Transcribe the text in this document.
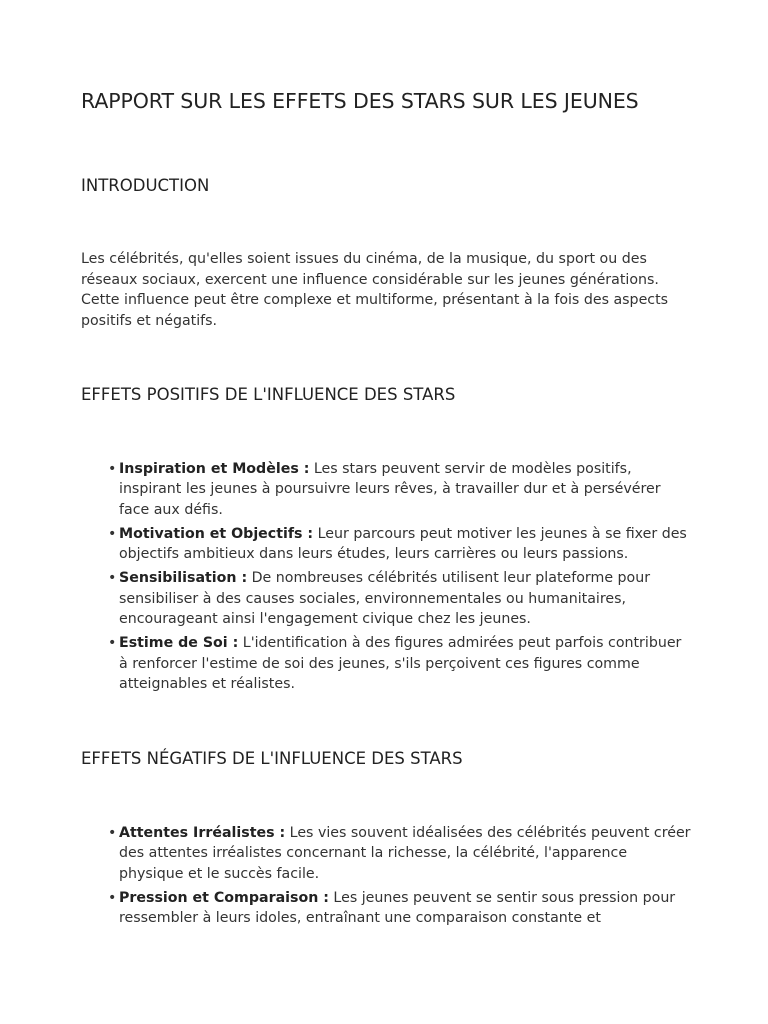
RAPPORT SUR LES EFFETS DES STARS SUR LES JEUNES
INTRODUCTION

Les célébrités, qu'elles soient issues du cinéma, de la musique, du sport ou des réseaux sociaux, exercent une influence considérable sur les jeunes générations. Cette influence peut être complexe et multiforme, présentant à la fois des aspects positifs et négatifs.

EFFETS POSITIFS DE L'INFLUENCE DES STARS
• Inspiration et Modèles : Les stars peuvent servir de modèles positifs, inspirant les jeunes à poursuivre leurs rêves, à travailler dur et à persévérer face aux défis.
• Motivation et Objectifs : Leur parcours peut motiver les jeunes à se fixer des objectifs ambitieux dans leurs études, leurs carrières ou leurs passions.
• Sensibilisation : De nombreuses célébrités utilisent leur plateforme pour sensibiliser à des causes sociales, environnementales ou humanitaires, encourageant ainsi l'engagement civique chez les jeunes.
• Estime de Soi : L'identification à des figures admirées peut parfois contribuer à renforcer l'estime de soi des jeunes, s'ils perçoivent ces figures comme atteignables et réalistes.
EFFETS NÉGATIFS DE L'INFLUENCE DES STARS
• Attentes Irréalistes : Les vies souvent idéalisées des célébrités peuvent créer des attentes irréalistes concernant la richesse, la célébrité, l'apparence physique et le succès facile.
• Pression et Comparaison : Les jeunes peuvent se sentir sous pression pour ressembler à leurs idoles, entraînant une comparaison constante et
